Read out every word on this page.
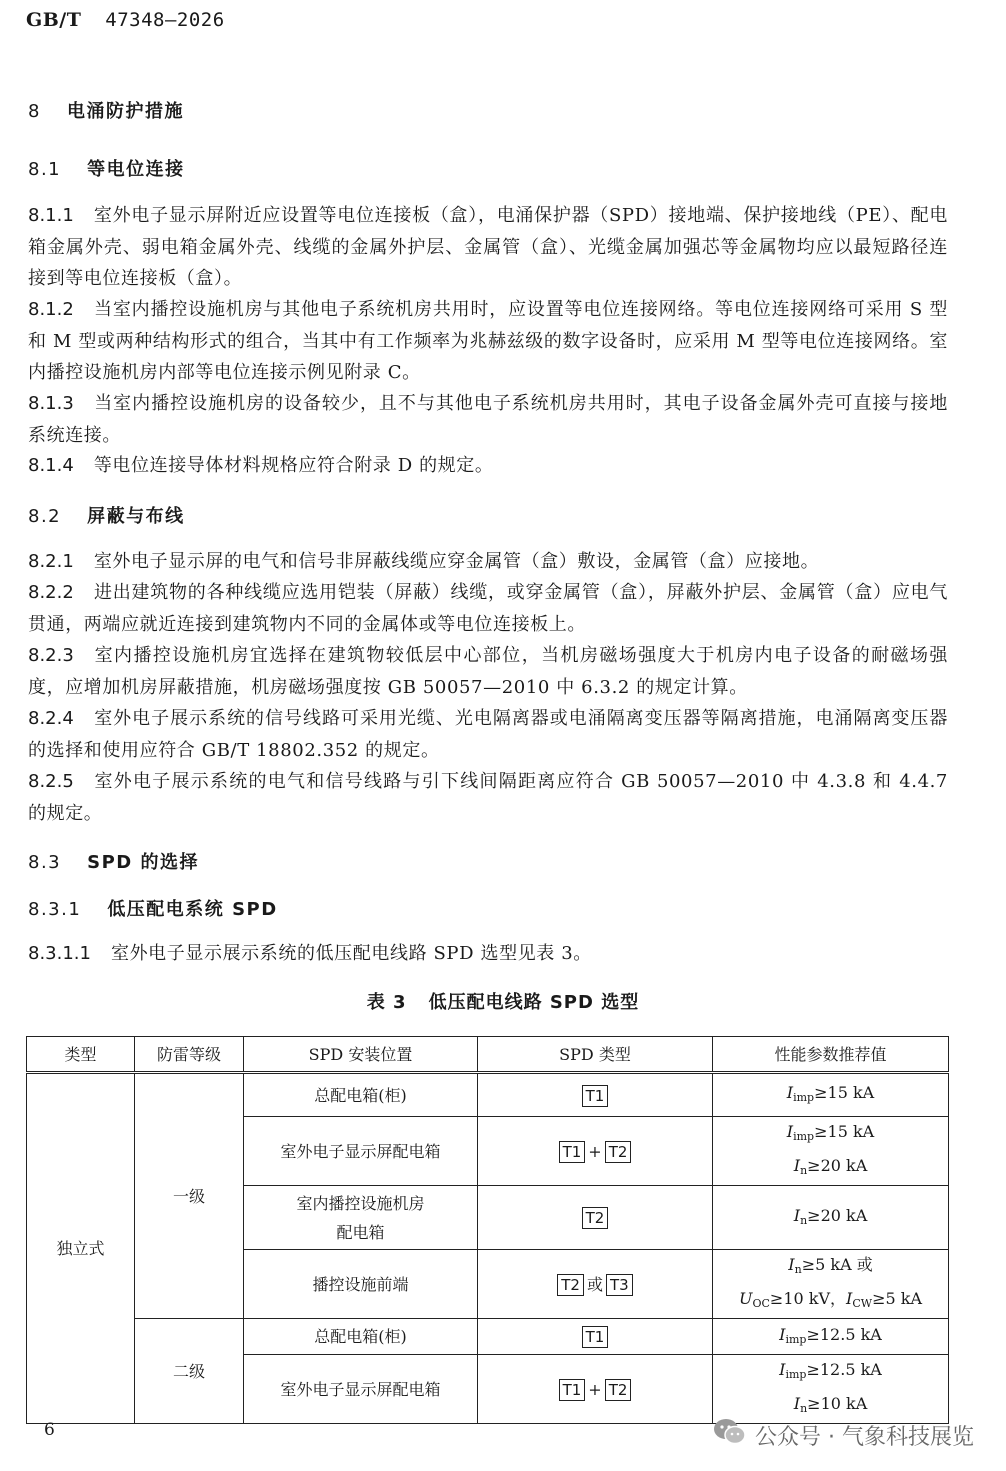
GB/T 47348—2026
8 电涌防护措施
8.1 等电位连接
8.1.1 室外电子显示屏附近应设置等电位连接板（盒），电涌保护器（SPD）接地端、保护接地线（PE）、配电箱金属外壳、弱电箱金属外壳、线缆的金属外护层、金属管（盒）、光缆金属加强芯等金属物均应以最短路径连接到等电位连接板（盒）。
8.1.2 当室内播控设施机房与其他电子系统机房共用时，应设置等电位连接网络。等电位连接网络可采用 S 型和 M 型或两种结构形式的组合，当其中有工作频率为兆赫兹级的数字设备时，应采用 M 型等电位连接网络。室内播控设施机房内部等电位连接示例见附录 C。
8.1.3 当室内播控设施机房的设备较少，且不与其他电子系统机房共用时，其电子设备金属外壳可直接与接地系统连接。
8.1.4 等电位连接导体材料规格应符合附录 D 的规定。
8.2 屏蔽与布线
8.2.1 室外电子显示屏的电气和信号非屏蔽线缆应穿金属管（盒）敷设，金属管（盒）应接地。
8.2.2 进出建筑物的各种线缆应选用铠装（屏蔽）线缆，或穿金属管（盒），屏蔽外护层、金属管（盒）应电气贯通，两端应就近连接到建筑物内不同的金属体或等电位连接板上。
8.2.3 室内播控设施机房宜选择在建筑物较低层中心部位，当机房磁场强度大于机房内电子设备的耐磁场强度，应增加机房屏蔽措施，机房磁场强度按 GB 50057—2010 中 6.3.2 的规定计算。
8.2.4 室外电子展示系统的信号线路可采用光缆、光电隔离器或电涌隔离变压器等隔离措施，电涌隔离变压器的选择和使用应符合 GB/T 18802.352 的规定。
8.2.5 室外电子展示系统的电气和信号线路与引下线间隔距离应符合 GB 50057—2010 中 4.3.8 和 4.4.7 的规定。
8.3 SPD 的选择
8.3.1 低压配电系统 SPD
8.3.1.1 室外电子显示展示系统的低压配电线路 SPD 选型见表 3。
表 3 低压配电线路 SPD 选型
类型	防雷等级	SPD 安装位置	SPD 类型	性能参数推荐值
独立式	一级	总配电箱(柜)	T1	$I_{imp}\ge 15$ kA
		室外电子显示屏配电箱	T1 + T2	$I_{imp}\ge 15$ kA
$I_n\ge 20$ kA
		室内播控设施机房
配电箱	T2	$I_n\ge 20$ kA
		播控设施前端	T2 或 T3	$I_n\ge 5$ kA 或
$U_{OC}\ge 10$ kV，$I_{CW}\ge 5$ kA
	二级	总配电箱(柜)	T1	$I_{imp}\ge 12.5$ kA
		室外电子显示屏配电箱	T1 + T2	$I_{imp}\ge 12.5$ kA
$I_n\ge 10$ kA
6	公众号 · 气象科技展览
